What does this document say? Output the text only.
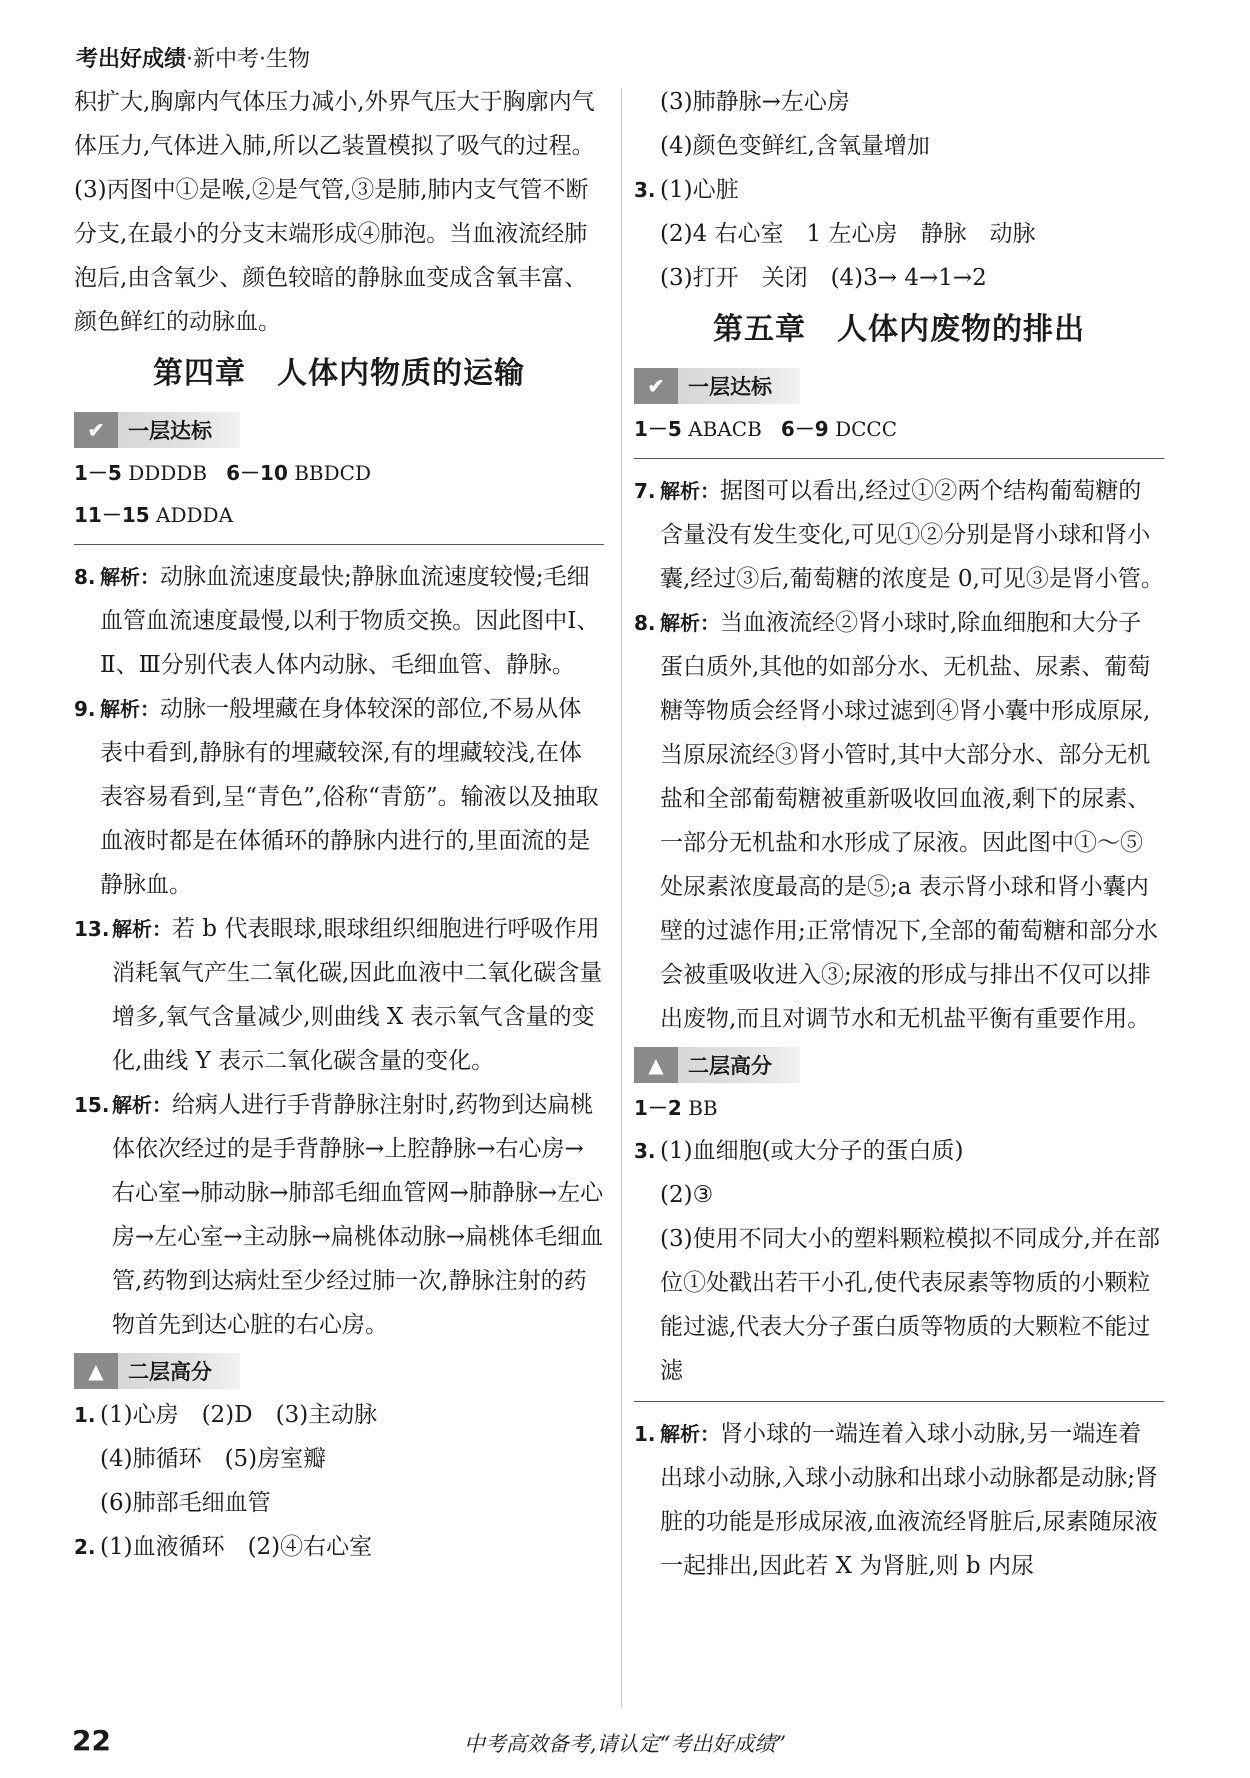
考出好成绩·新中考·生物

积扩大,胸廓内气体压力减小,外界气压大于胸廓内气体压力,气体进入肺,所以乙装置模拟了吸气的过程。(3)丙图中①是喉,②是气管,③是肺,肺内支气管不断分支,在最小的分支末端形成④肺泡。当血液流经肺泡后,由含氧少、颜色较暗的静脉血变成含氧丰富、颜色鲜红的动脉血。

第四章　人体内物质的运输
✔	一层达标
1－5 DDDDB 6－10 BBDCD
11－15 ADDDA
8. 解析：动脉血流速度最快;静脉血流速度较慢;毛细血管血流速度最慢,以利于物质交换。因此图中Ⅰ、Ⅱ、Ⅲ分别代表人体内动脉、毛细血管、静脉。
9. 解析：动脉一般埋藏在身体较深的部位,不易从体表中看到,静脉有的埋藏较深,有的埋藏较浅,在体表容易看到,呈“青色”,俗称“青筋”。输液以及抽取血液时都是在体循环的静脉内进行的,里面流的是静脉血。
13. 解析：若 b 代表眼球,眼球组织细胞进行呼吸作用消耗氧气产生二氧化碳,因此血液中二氧化碳含量增多,氧气含量减少,则曲线 X 表示氧气含量的变化,曲线 Y 表示二氧化碳含量的变化。
15. 解析：给病人进行手背静脉注射时,药物到达扁桃体依次经过的是手背静脉→上腔静脉→右心房→右心室→肺动脉→肺部毛细血管网→肺静脉→左心房→左心室→主动脉→扁桃体动脉→扁桃体毛细血管,药物到达病灶至少经过肺一次,静脉注射的药物首先到达心脏的右心房。
▲	二层高分
1. (1)心房　(2)D　(3)主动脉
(4)肺循环　(5)房室瓣
(6)肺部毛细血管
2. (1)血液循环　(2)④右心室
(3)肺静脉→左心房
(4)颜色变鲜红,含氧量增加
3. (1)心脏
(2)4 右心室　1 左心房　静脉　动脉
(3)打开　关闭　(4)3→ 4→1→2
第五章　人体内废物的排出
✔	一层达标
1－5 ABACB 6－9 DCCC
7. 解析：据图可以看出,经过①②两个结构葡萄糖的含量没有发生变化,可见①②分别是肾小球和肾小囊,经过③后,葡萄糖的浓度是 0,可见③是肾小管。
8. 解析：当血液流经②肾小球时,除血细胞和大分子蛋白质外,其他的如部分水、无机盐、尿素、葡萄糖等物质会经肾小球过滤到④肾小囊中形成原尿,当原尿流经③肾小管时,其中大部分水、部分无机盐和全部葡萄糖被重新吸收回血液,剩下的尿素、一部分无机盐和水形成了尿液。因此图中①～⑤处尿素浓度最高的是⑤;a 表示肾小球和肾小囊内壁的过滤作用;正常情况下,全部的葡萄糖和部分水会被重吸收进入③;尿液的形成与排出不仅可以排出废物,而且对调节水和无机盐平衡有重要作用。
▲	二层高分
1－2 BB
3. (1)血细胞(或大分子的蛋白质)
(2)③
(3)使用不同大小的塑料颗粒模拟不同成分,并在部位①处戳出若干小孔,使代表尿素等物质的小颗粒能过滤,代表大分子蛋白质等物质的大颗粒不能过滤
1. 解析：肾小球的一端连着入球小动脉,另一端连着出球小动脉,入球小动脉和出球小动脉都是动脉;肾脏的功能是形成尿液,血液流经肾脏后,尿素随尿液一起排出,因此若 X 为肾脏,则 b 内尿
22	中考高效备考,请认定“考出好成绩”
